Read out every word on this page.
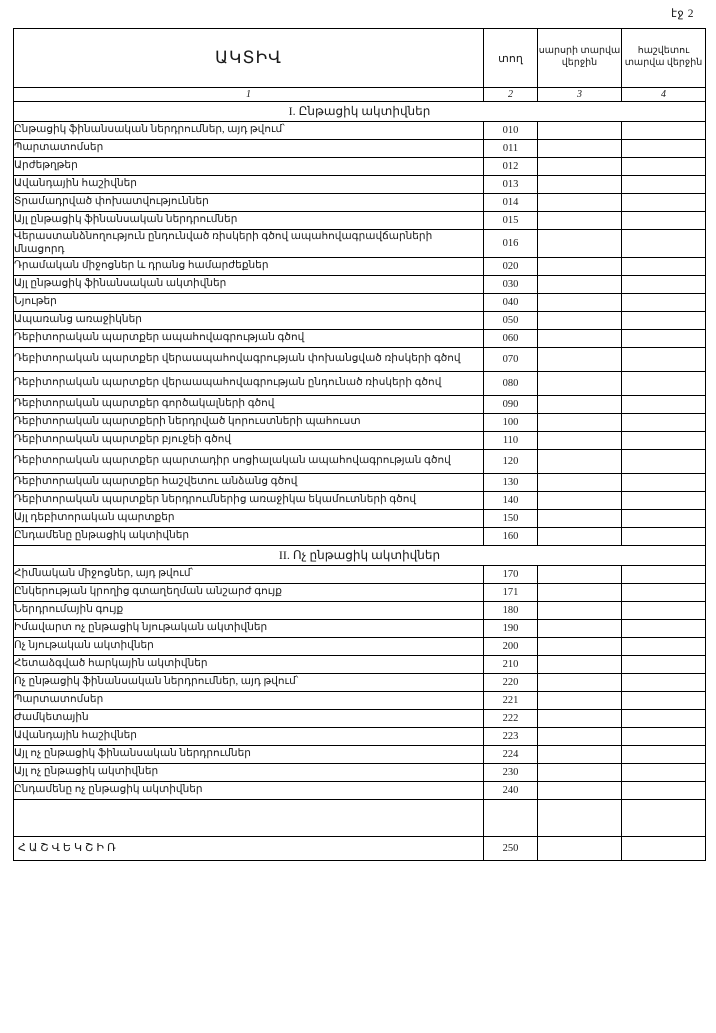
էջ 2
ԱԿՏԻՎ	տող	սարսրի տարվա վերջին	հաշվետու տարվա վերջին
1	2	3	4
I. Ընթացիկ ակտիվներ			
Ընթացիկ ֆինանսական ներդրումներ, այդ թվում՝	010		
Պարտատոմսեր	011		
Արժեթղթեր	012		
Ավանդային հաշիվներ	013		
Տրամադրված փոխատվություններ	014		
Այլ ընթացիկ ֆինանսական ներդրումներ	015		
Վերաստանձնողություն ընդունված ռիսկերի գծով ապահովագրավճարների մնացորդ	016		
Դրամական միջոցներ և դրանց համարժեքներ	020		
Այլ ընթացիկ ֆինանսական ակտիվներ	030		
Նյութեր	040		
Ապառանց առաջիկներ	050		
Դեբիտորական պարտքեր ապահովագրության գծով	060		
Դեբիտորական պարտքեր վերաապահովագրության փոխանցված ռիսկերի գծով	070		
Դեբիտորական պարտքեր վերաապահովագրության ընդունած ռիսկերի գծով	080		
Դեբիտորական պարտքեր գործակալների գծով	090		
Դեբիտորական պարտքերի ներդրված կորուստների պահուստ	100		
Դեբիտորական պարտքեր բյուջեի գծով	110		
Դեբիտորական պարտքեր պարտադիր սոցիալական ապահովագրության գծով	120		
Դեբիտորական պարտքեր հաշվետու անձանց գծով	130		
Դեբիտորական պարտքեր ներդրումներից առաջիկա եկամուտների գծով	140		
Այլ դեբիտորական պարտքեր	150		
Ընդամենը ընթացիկ ակտիվներ	160		
II. Ոչ ընթացիկ ակտիվներ			
Հիմնական միջոցներ, այդ թվում՝	170		
Ընկերության կրողից գտաղեղման անշարժ գույք	171		
Ներդրումային գույք	180		
Իմավարտ ոչ ընթացիկ նյութական ակտիվներ	190		
Ոչ նյութական ակտիվներ	200		
Հետաձգված հարկային ակտիվներ	210		
Ոչ ընթացիկ ֆինանսական ներդրումներ, այդ թվում՝	220		
Պարտատոմսեր	221		
Ժամկետային	222		
Ավանդային հաշիվներ	223		
Այլ ոչ ընթացիկ ֆինանսական ներդրումներ	224		
Այլ ոչ ընթացիկ ակտիվներ	230		
Ընդամենը ոչ ընթացիկ ակտիվներ	240		

ՀԱՇՎԵԿՇԻՌ	250		
